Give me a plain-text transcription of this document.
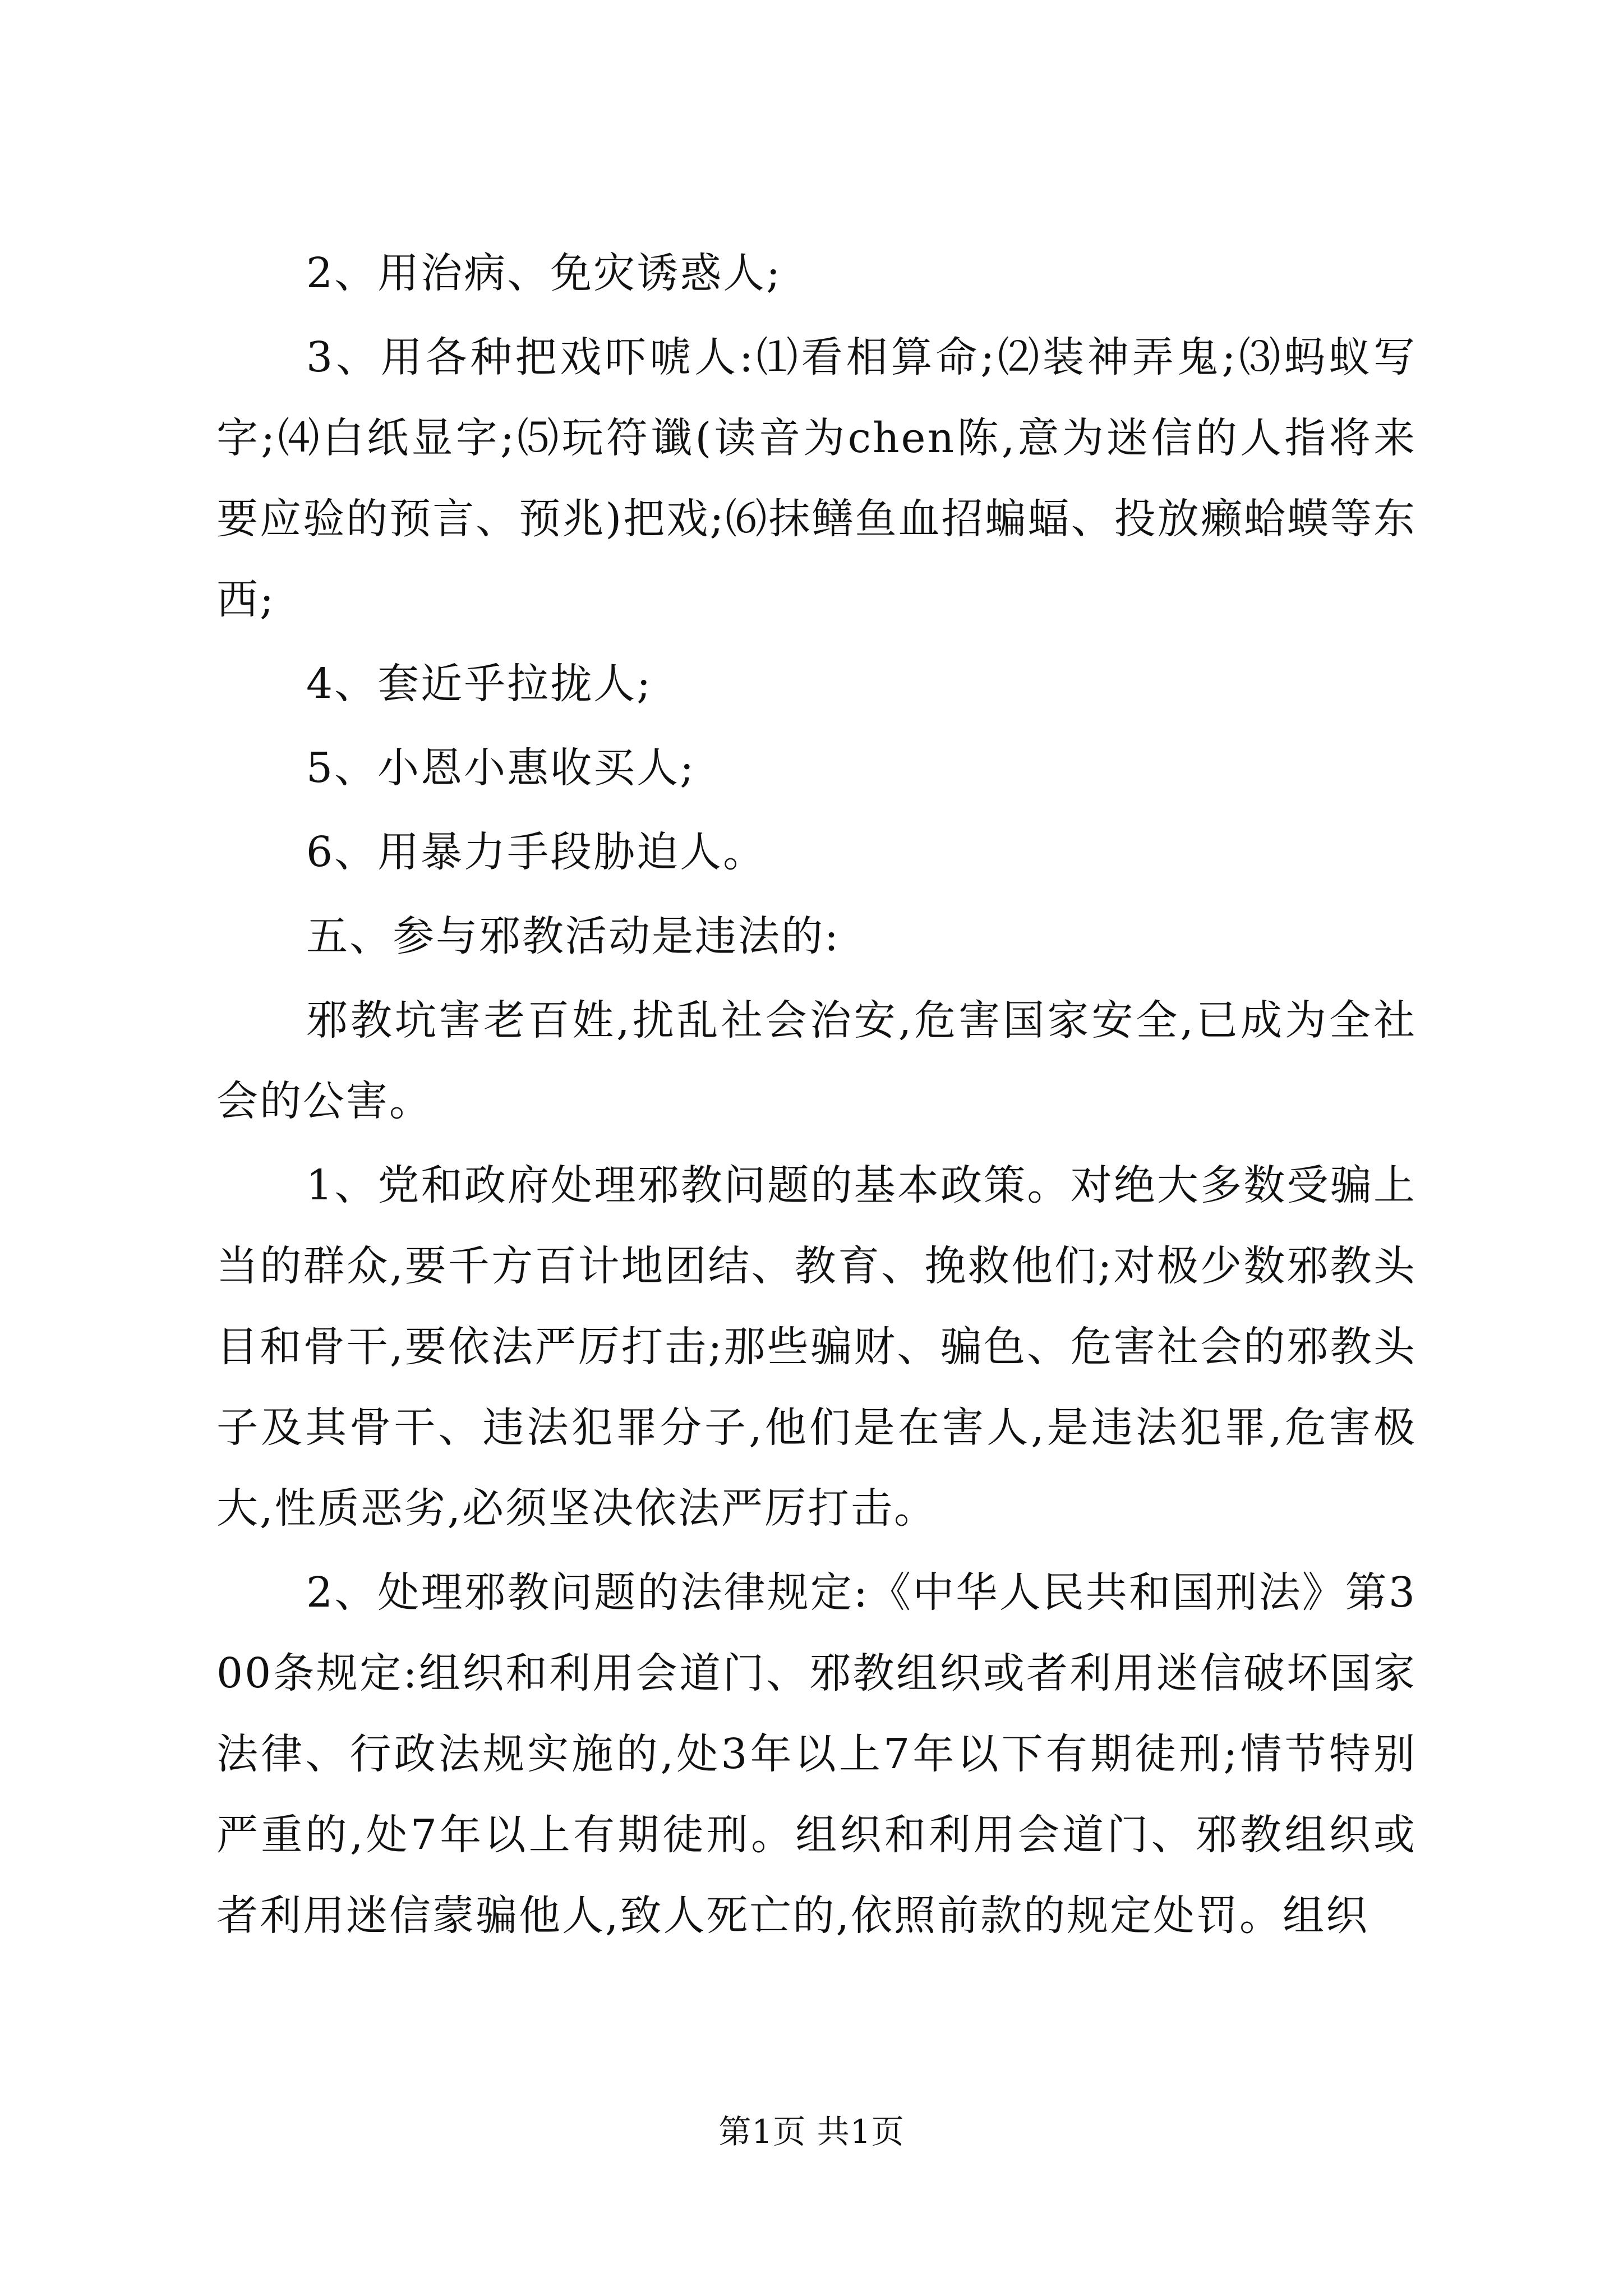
2、用治病、免灾诱惑人;

3、用各种把戏吓唬人:⑴看相算命;⑵装神弄鬼;⑶蚂蚁写字;⑷白纸显字;⑸玩符谶(读音为chen陈,意为迷信的人指将来要应验的预言、预兆)把戏;⑹抹鳝鱼血招蝙蝠、投放癞蛤蟆等东西;

4、套近乎拉拢人;

5、小恩小惠收买人;

6、用暴力手段胁迫人。

五、参与邪教活动是违法的:

邪教坑害老百姓,扰乱社会治安,危害国家安全,已成为全社会的公害。

1、党和政府处理邪教问题的基本政策。对绝大多数受骗上当的群众,要千方百计地团结、教育、挽救他们;对极少数邪教头目和骨干,要依法严厉打击;那些骗财、骗色、危害社会的邪教头子及其骨干、违法犯罪分子,他们是在害人,是违法犯罪,危害极大,性质恶劣,必须坚决依法严厉打击。

2、处理邪教问题的法律规定:《中华人民共和国刑法》第300条规定:组织和利用会道门、邪教组织或者利用迷信破坏国家法律、行政法规实施的,处3年以上7年以下有期徒刑;情节特别严重的,处7年以上有期徒刑。组织和利用会道门、邪教组织或者利用迷信蒙骗他人,致人死亡的,依照前款的规定处罚。组织

第1页 共1页
